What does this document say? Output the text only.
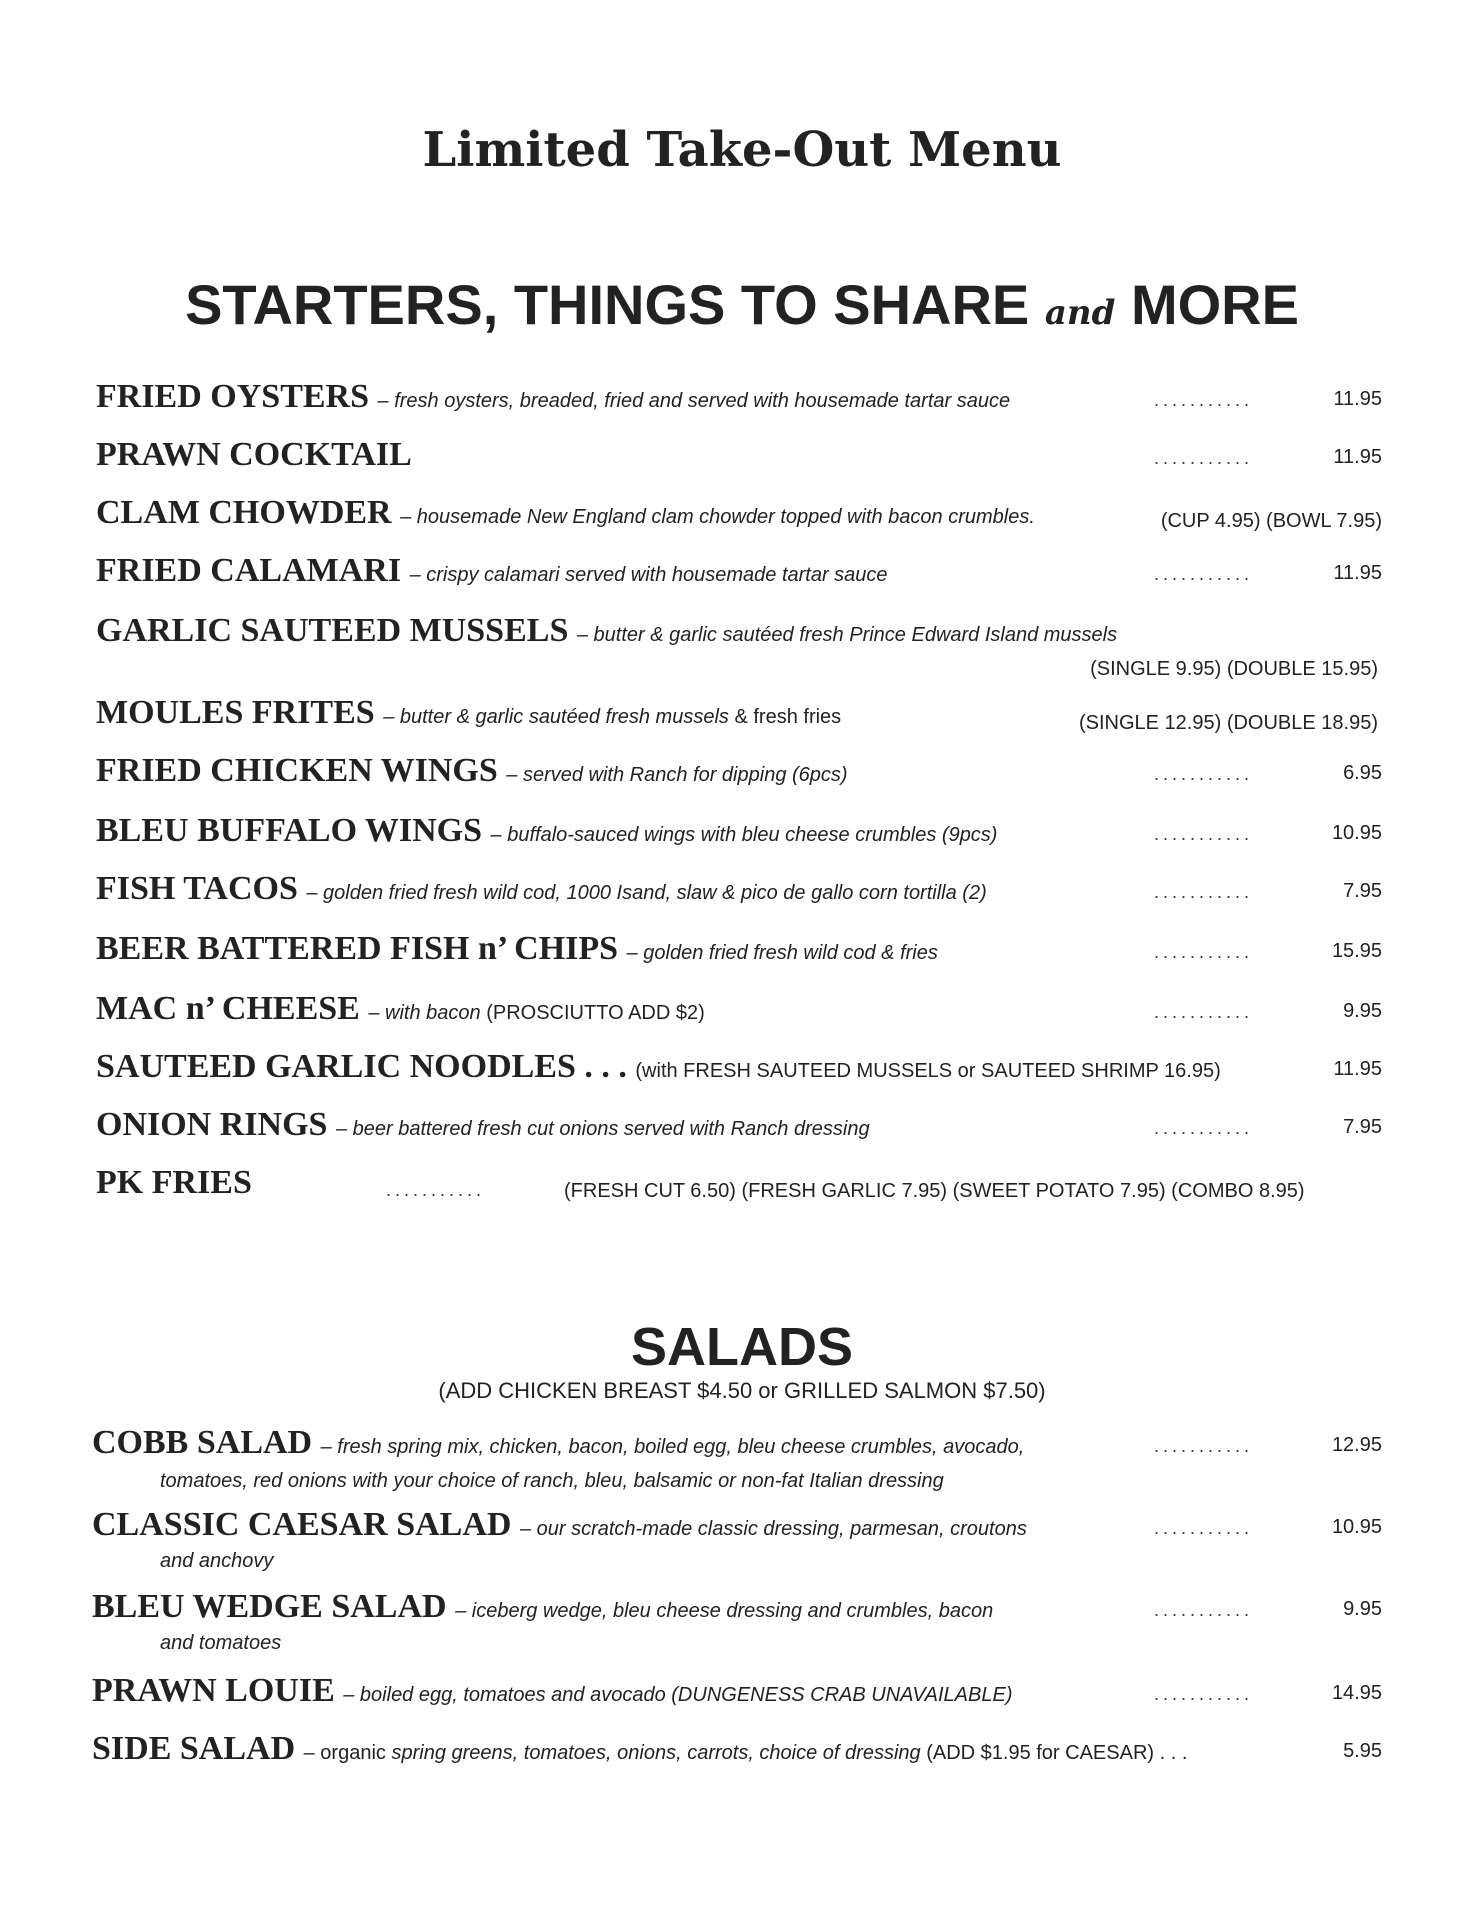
Limited Take-Out Menu
STARTERS, THINGS TO SHARE and MORE
FRIED OYSTERS – fresh oysters, breaded, fried and served with housemade tartar sauce	...........	11.95
PRAWN COCKTAIL	...........	11.95
CLAM CHOWDER – housemade New England clam chowder topped with bacon crumbles.	(CUP 4.95) (BOWL 7.95)
FRIED CALAMARI – crispy calamari served with housemade tartar sauce	...........	11.95
GARLIC SAUTEED MUSSELS – butter & garlic sautéed fresh Prince Edward Island mussels
(SINGLE 9.95) (DOUBLE 15.95)
MOULES FRITES – butter & garlic sautéed fresh mussels & fresh fries	(SINGLE 12.95) (DOUBLE 18.95)
FRIED CHICKEN WINGS – served with Ranch for dipping (6pcs)	...........	6.95
BLEU BUFFALO WINGS – buffalo-sauced wings with bleu cheese crumbles (9pcs)	...........	10.95
FISH TACOS – golden fried fresh wild cod, 1000 Isand, slaw & pico de gallo corn tortilla (2)	...........	7.95
BEER BATTERED FISH n’ CHIPS – golden fried fresh wild cod & fries	...........	15.95
MAC n’ CHEESE – with bacon (PROSCIUTTO ADD $2)	...........	9.95
SAUTEED GARLIC NOODLES . . . (with FRESH SAUTEED MUSSELS or SAUTEED SHRIMP 16.95)	11.95
ONION RINGS – beer battered fresh cut onions served with Ranch dressing	...........	7.95
PK FRIES	...........	(FRESH CUT 6.50) (FRESH GARLIC 7.95) (SWEET POTATO 7.95) (COMBO 8.95)
SALADS
(ADD CHICKEN BREAST $4.50 or GRILLED SALMON $7.50)
COBB SALAD – fresh spring mix, chicken, bacon, boiled egg, bleu cheese crumbles, avocado,
tomatoes, red onions with your choice of ranch, bleu, balsamic or non-fat Italian dressing
...........	12.95
CLASSIC CAESAR SALAD – our scratch-made classic dressing, parmesan, croutons
and anchovy
...........	10.95
BLEU WEDGE SALAD – iceberg wedge, bleu cheese dressing and crumbles, bacon
and tomatoes
...........	9.95
PRAWN LOUIE – boiled egg, tomatoes and avocado (DUNGENESS CRAB UNAVAILABLE)	...........	14.95
SIDE SALAD – organic spring greens, tomatoes, onions, carrots, choice of dressing (ADD $1.95 for CAESAR) . . .	5.95
